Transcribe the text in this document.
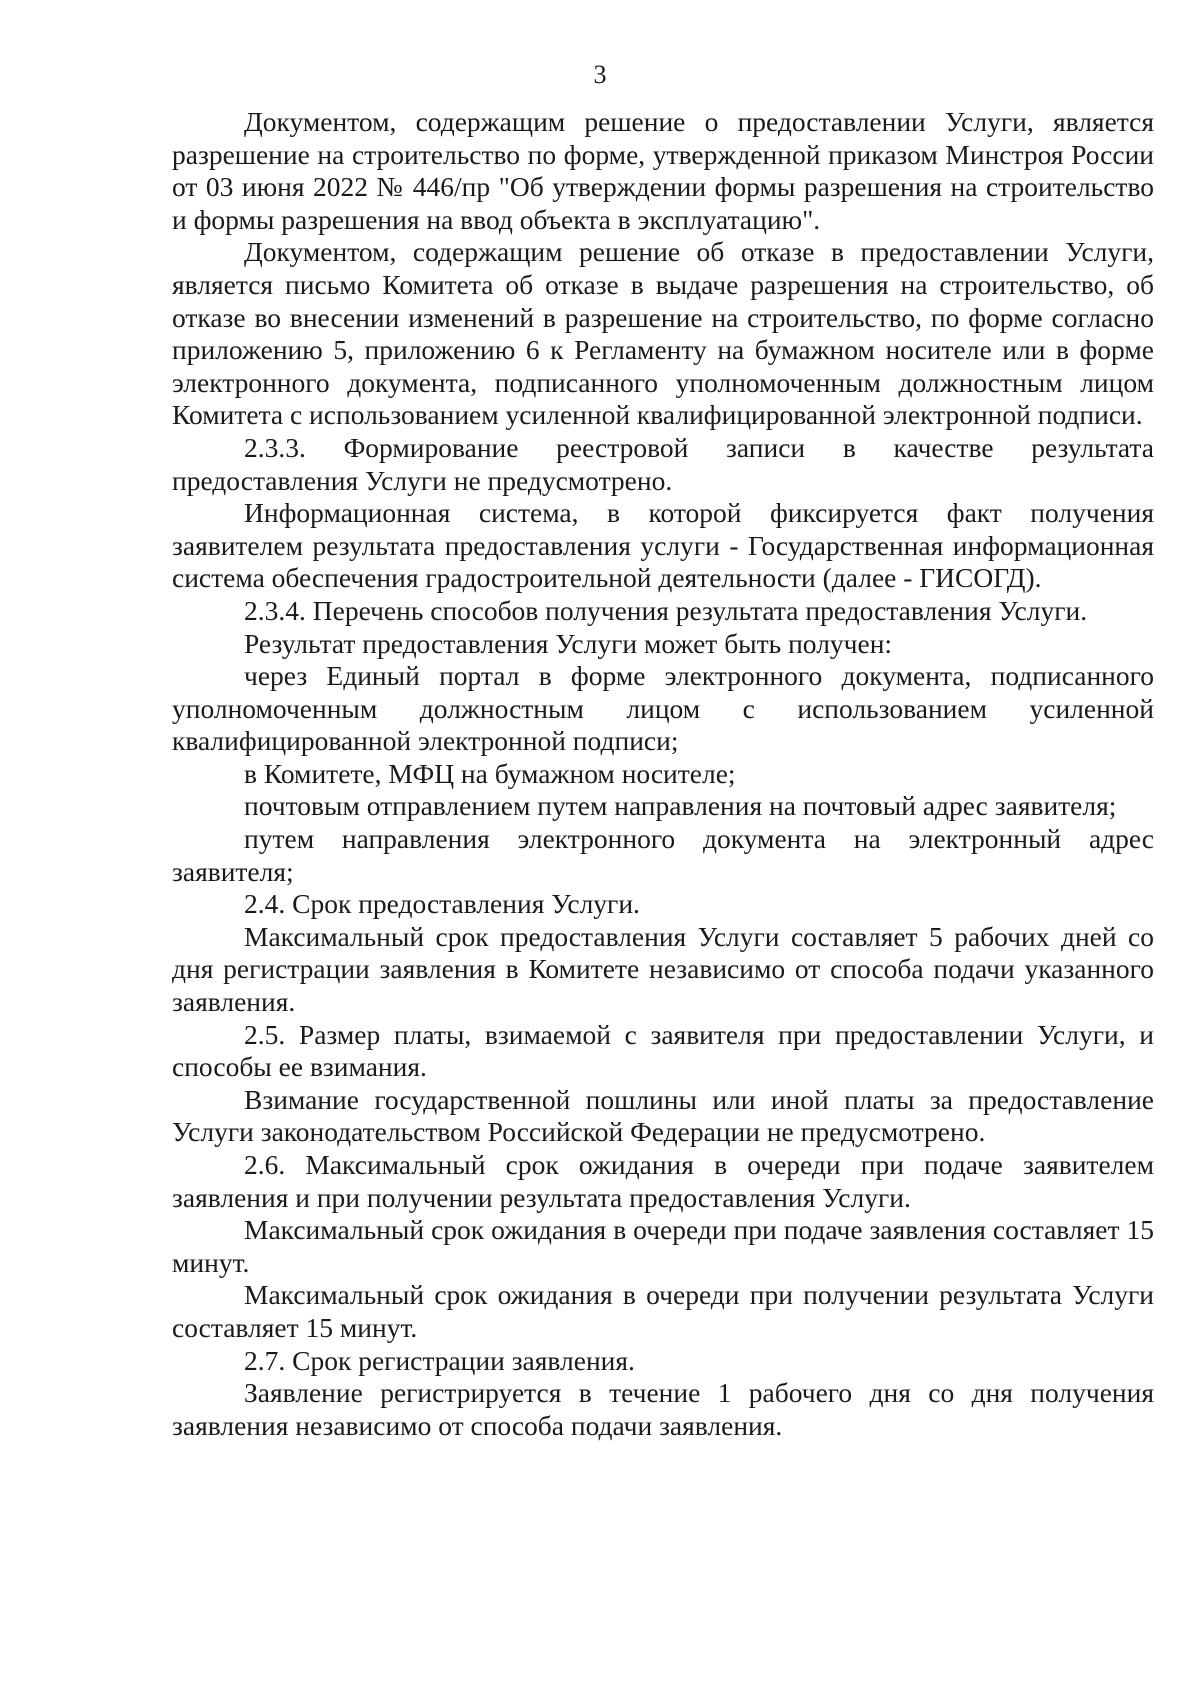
3

Документом, содержащим решение о предоставлении Услуги, является разрешение на строительство по форме, утвержденной приказом Минстроя России от 03 июня 2022 № 446/пр "Об утверждении формы разрешения на строительство и формы разрешения на ввод объекта в эксплуатацию".

Документом, содержащим решение об отказе в предоставлении Услуги, является письмо Комитета об отказе в выдаче разрешения на строительство, об отказе во внесении изменений в разрешение на строительство, по форме согласно приложению 5, приложению 6 к Регламенту на бумажном носителе или в форме электронного документа, подписанного уполномоченным должностным лицом Комитета с использованием усиленной квалифицированной электронной подписи.

2.3.3. Формирование реестровой записи в качестве результата предоставления Услуги не предусмотрено.

Информационная система, в которой фиксируется факт получения заявителем результата предоставления услуги - Государственная информационная система обеспечения градостроительной деятельности (далее - ГИСОГД).

2.3.4. Перечень способов получения результата предоставления Услуги.

Результат предоставления Услуги может быть получен:

через Единый портал в форме электронного документа, подписанного уполномоченным должностным лицом с использованием усиленной квалифицированной электронной подписи;

в Комитете, МФЦ на бумажном носителе;

почтовым отправлением путем направления на почтовый адрес заявителя;

путем направления электронного документа на электронный адрес заявителя;

2.4. Срок предоставления Услуги.

Максимальный срок предоставления Услуги составляет 5 рабочих дней со дня регистрации заявления в Комитете независимо от способа подачи указанного заявления.

2.5. Размер платы, взимаемой с заявителя при предоставлении Услуги, и способы ее взимания.

Взимание государственной пошлины или иной платы за предоставление Услуги законодательством Российской Федерации не предусмотрено.

2.6. Максимальный срок ожидания в очереди при подаче заявителем заявления и при получении результата предоставления Услуги.

Максимальный срок ожидания в очереди при подаче заявления составляет 15 минут.

Максимальный срок ожидания в очереди при получении результата Услуги составляет 15 минут.

2.7. Срок регистрации заявления.

Заявление регистрируется в течение 1 рабочего дня со дня получения заявления независимо от способа подачи заявления.
